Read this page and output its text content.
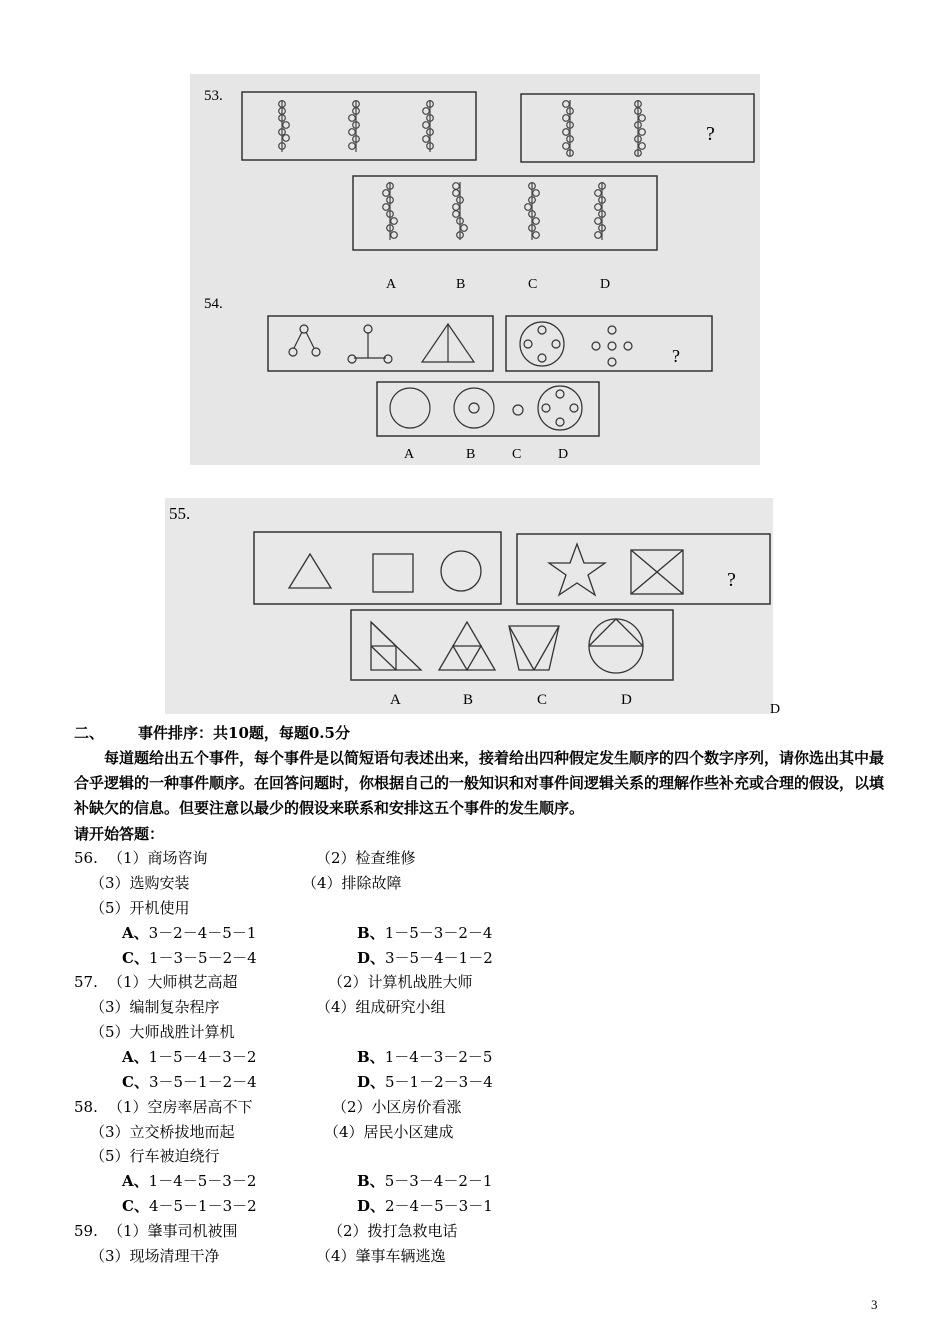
53.
?
A	B	C	D
54.
?
A	B	C	D
55.
?
A	B	C	D
D
二、 事件排序：共10题，每题0.5分
每道题给出五个事件，每个事件是以简短语句表述出来，接着给出四种假定发生顺序的四个数字序列，请你选出其中最合乎逻辑的一种事件顺序。在回答问题时，你根据自己的一般知识和对事件间逻辑关系的理解作些补充或合理的假设，以填补缺欠的信息。但要注意以最少的假设来联系和安排这五个事件的发生顺序。
请开始答题：
56. （1）商场咨询	（2）检查维修
（3）选购安装	（4）排除故障
（5）开机使用
A、3－2－4－5－1	B、1－5－3－2－4
C、1－3－5－2－4	D、3－5－4－1－2
57. （1）大师棋艺高超	（2）计算机战胜大师
（3）编制复杂程序	（4）组成研究小组
（5）大师战胜计算机
A、1－5－4－3－2	B、1－4－3－2－5
C、3－5－1－2－4	D、5－1－2－3－4
58. （1）空房率居高不下	（2）小区房价看涨
（3）立交桥拔地而起	（4）居民小区建成
（5）行车被迫绕行
A、1－4－5－3－2	B、5－3－4－2－1
C、4－5－1－3－2	D、2－4－5－3－1
59. （1）肇事司机被围	（2）拨打急救电话
（3）现场清理干净	（4）肇事车辆逃逸
3
